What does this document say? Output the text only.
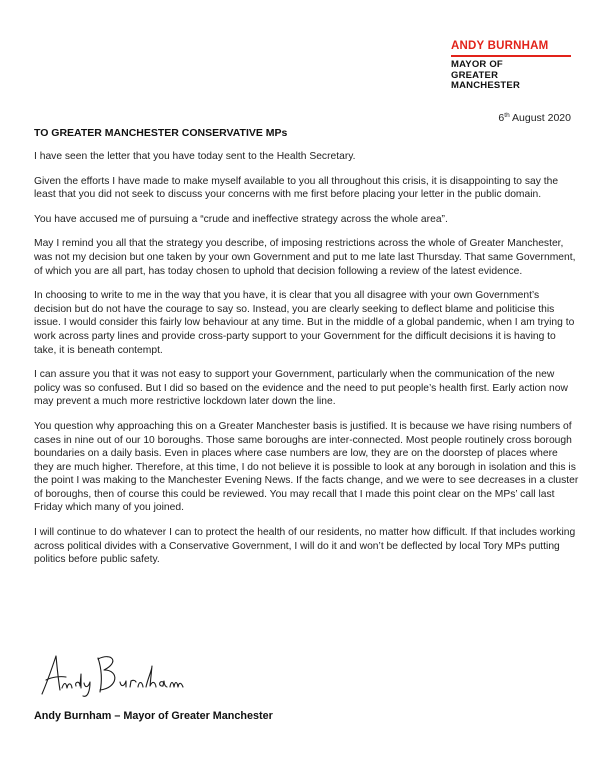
ANDY BURNHAM
MAYOR OF
GREATER
MANCHESTER
6th August 2020
TO GREATER MANCHESTER CONSERVATIVE MPs

I have seen the letter that you have today sent to the Health Secretary.

Given the efforts I have made to make myself available to you all throughout this crisis, it is disappointing to say the least that you did not seek to discuss your concerns with me first before placing your letter in the public domain.

You have accused me of pursuing a “crude and ineffective strategy across the whole area”.

May I remind you all that the strategy you describe, of imposing restrictions across the whole of Greater Manchester, was not my decision but one taken by your own Government and put to me late last Thursday. That same Government, of which you are all part, has today chosen to uphold that decision following a review of the latest evidence.

In choosing to write to me in the way that you have, it is clear that you all disagree with your own Government’s decision but do not have the courage to say so. Instead, you are clearly seeking to deflect blame and politicise this issue. I would consider this fairly low behaviour at any time. But in the middle of a global pandemic, when I am trying to work across party lines and provide cross-party support to your Government for the difficult decisions it is having to take, it is beneath contempt.

I can assure you that it was not easy to support your Government, particularly when the communication of the new policy was so confused. But I did so based on the evidence and the need to put people’s health first. Early action now may prevent a much more restrictive lockdown later down the line.

You question why approaching this on a Greater Manchester basis is justified. It is because we have rising numbers of cases in nine out of our 10 boroughs. Those same boroughs are inter-connected. Most people routinely cross borough boundaries on a daily basis. Even in places where case numbers are low, they are on the doorstep of places where they are much higher. Therefore, at this time, I do not believe it is possible to look at any borough in isolation and this is the point I was making to the Manchester Evening News. If the facts change, and we were to see decreases in a cluster of boroughs, then of course this could be reviewed. You may recall that I made this point clear on the MPs’ call last Friday which many of you joined.

I will continue to do whatever I can to protect the health of our residents, no matter how difficult. If that includes working across political divides with a Conservative Government, I will do it and won’t be deflected by local Tory MPs putting politics before public safety.

Andy Burnham – Mayor of Greater Manchester
